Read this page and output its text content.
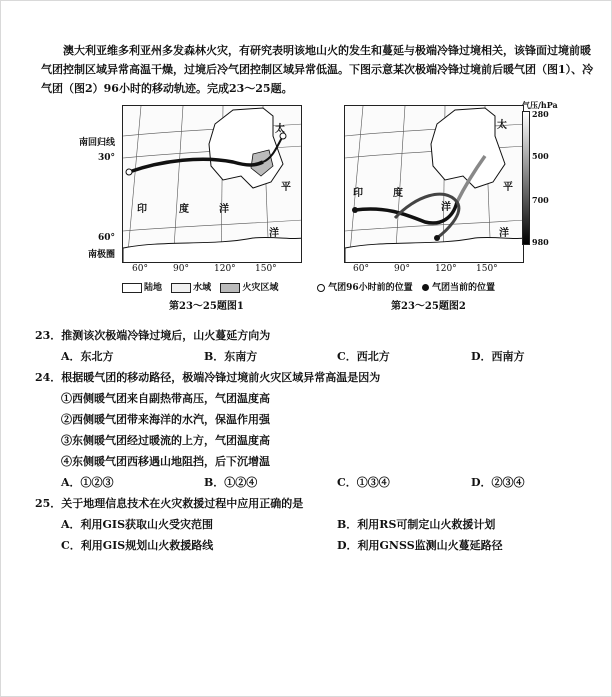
澳大利亚维多利亚州多发森林火灾，有研究表明该地山火的发生和蔓延与极端冷锋过境相关，该锋面过境前暖气团控制区域异常高温干燥，过境后冷气团控制区域异常低温。下图示意某次极端冷锋过境前后暖气团（图1）、冷气团（图2）96小时的移动轨迹。完成23～25题。
南回归线
30°
60°
南极圈
太
平
印	度	洋
洋
60°	90°	120° 150°
陆地	水域	火灾区域
第23～25题图1
太
平
洋
印	度
洋
气压/hPa
280
500
700
980
60°	90°	120° 150°
气团96小时前的位置 气团当前的位置
第23～25题图2
23．推测该次极端冷锋过境后，山火蔓延方向为
A．东北方	B．东南方	C．西北方	D．西南方
24．根据暖气团的移动路径，极端冷锋过境前火灾区域异常高温是因为
①西侧暖气团来自副热带高压，气团温度高
②西侧暖气团带来海洋的水汽，保温作用强
③东侧暖气团经过暖流的上方，气团温度高
④东侧暖气团西移遇山地阻挡，后下沉增温
A．①②③	B．①②④	C．①③④	D．②③④
25．关于地理信息技术在火灾救援过程中应用正确的是
A．利用GIS获取山火受灾范围	B．利用RS可制定山火救援计划
C．利用GIS规划山火救援路线	D．利用GNSS监测山火蔓延路径
